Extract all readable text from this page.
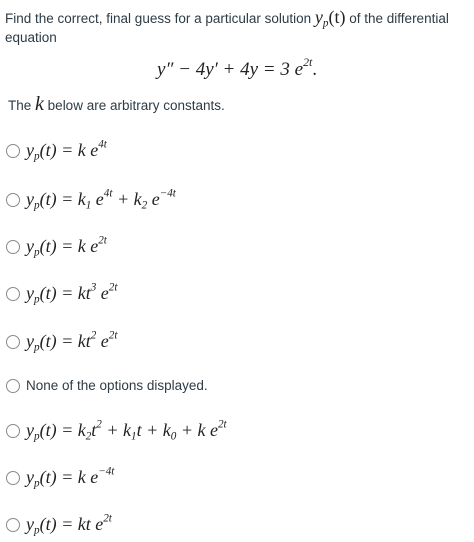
Find the correct, final guess for a particular solution $y_p(t)$ of the differential equation
y″ − 4y′ + 4y = 3 $e^{2t}$.
The k below are arbitrary constants.
$y_p(t) = k$ $e^{4t}$
$y_p(t) = k_1$ $e^{4t} + k_2$ $e^{-4t}$
$y_p(t) = k$ $e^{2t}$
$y_p(t) = kt^3$ $e^{2t}$
$y_p(t) = kt^2$ $e^{2t}$
None of the options displayed.
$y_p(t) = k_2t^2 + k_1t + k_0 + k$ $e^{2t}$
$y_p(t) = k$ $e^{-4t}$
$y_p(t)$ = kt $e^{2t}$
